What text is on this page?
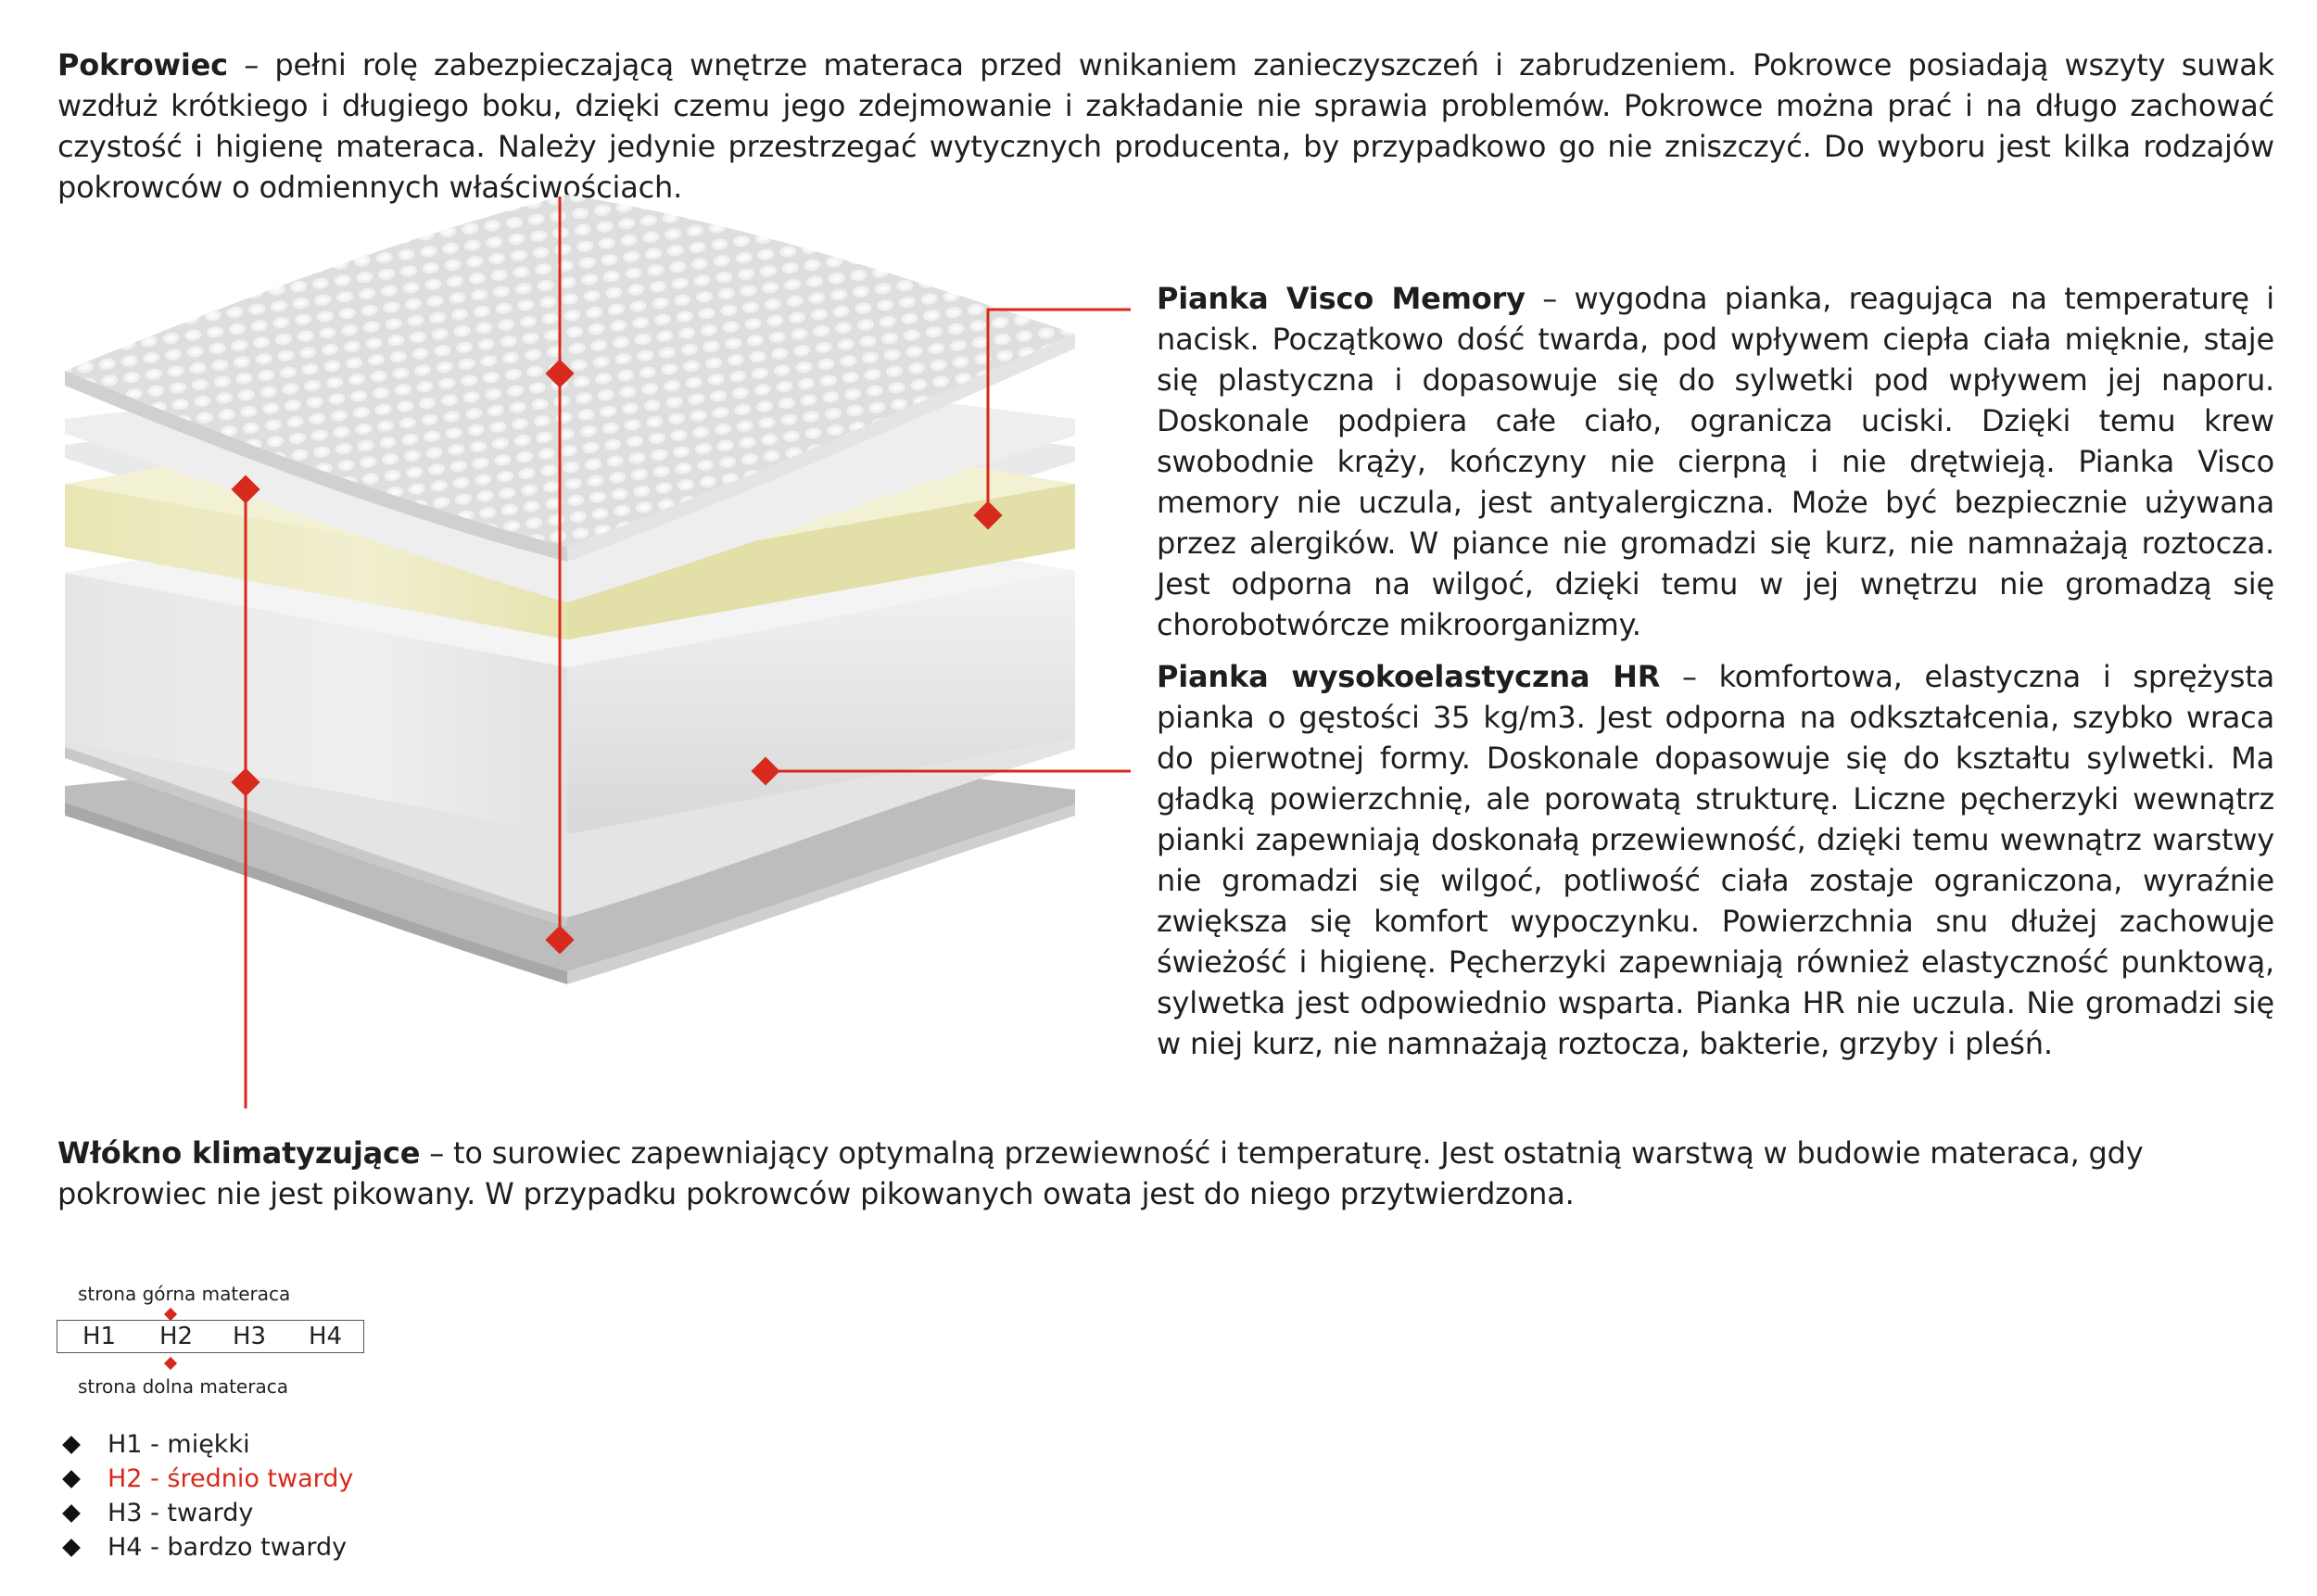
Pokrowiec – pełni rolę zabezpieczającą wnętrze materaca przed wnikaniem zanieczyszczeń i zabrudzeniem. Pokrowce posiadają wszyty suwak wzdłuż krótkiego i długiego boku, dzięki czemu jego zdejmowanie i zakładanie nie sprawia problemów. Pokrowce można prać i na długo zachować czystość i higienę materaca. Należy jedynie przestrzegać wytycznych producenta, by przypadkowo go nie zniszczyć. Do wyboru jest kilka rodzajów pokrowców o odmiennych właściwościach.

Pianka Visco Memory – wygodna pianka, reagująca na temperaturę i nacisk. Początkowo dość twarda, pod wpływem ciepła ciała mięknie, staje się plastyczna i dopasowuje się do sylwetki pod wpływem jej naporu. Doskonale podpiera całe ciało, ogranicza uciski. Dzięki temu krew swobodnie krąży, kończyny nie cierpną i nie drętwieją. Pianka Visco memory nie uczula, jest antyalergiczna. Może być bezpiecznie używana przez alergików. W piance nie gromadzi się kurz, nie namnażają roztocza. Jest odporna na wilgoć, dzięki temu w jej wnętrzu nie gromadzą się chorobotwórcze mikroorganizmy.

Pianka wysokoelastyczna HR – komfortowa, elastyczna i sprężysta pianka o gęstości 35 kg/m3. Jest odporna na odkształcenia, szybko wraca do pierwotnej formy. Doskonale dopasowuje się do kształtu sylwetki. Ma gładką powierzchnię, ale porowatą strukturę. Liczne pęcherzyki wewnątrz pianki zapewniają doskonałą przewiewność, dzięki temu wewnątrz warstwy nie gromadzi się wilgoć, potliwość ciała zostaje ograniczona, wyraźnie zwiększa się komfort wypoczynku. Powierzchnia snu dłużej zachowuje świeżość i higienę. Pęcherzyki zapewniają również elastyczność punktową, sylwetka jest odpowiednio wsparta. Pianka HR nie uczula. Nie gromadzi się w niej kurz, nie namnażają roztocza, bakterie, grzyby i pleśń.

Włókno klimatyzujące – to surowiec zapewniający optymalną przewiewność i temperaturę. Jest ostatnią warstwą w budowie materaca, gdy pokrowiec nie jest pikowany. W przypadku pokrowców pikowanych owata jest do niego przytwierdzona.

strona górna materaca
H1	H2	H3	H4
strona dolna materaca
H1 - miękki
H2 - średnio twardy
H3 - twardy
H4 - bardzo twardy
